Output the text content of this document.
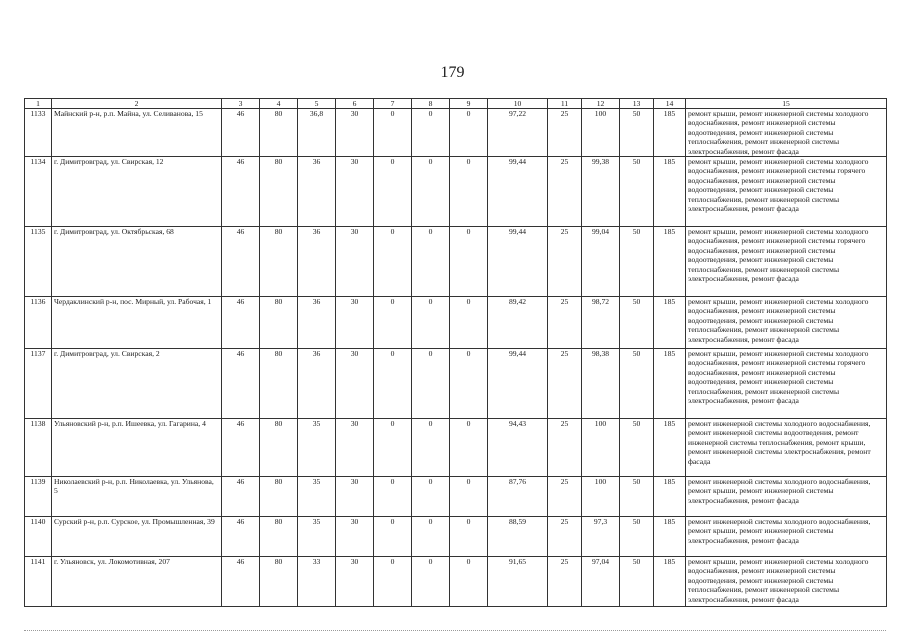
179
1	2	3	4	5	6	7	8	9	10	11	12	13	14	15
1133	Майнский р-н, р.п. Майна, ул. Селиванова, 15	46	80	36,8	30	0	0	0	97,22	25	100	50	185	ремонт крыши, ремонт инженерной системы холодного водоснабжения, ремонт инженерной системы водоотведения, ремонт инженерной системы теплоснабжения, ремонт инженерной системы электроснабжения, ремонт фасада
1134	г. Димитровград, ул. Свирская, 12	46	80	36	30	0	0	0	99,44	25	99,38	50	185	ремонт крыши, ремонт инженерной системы холодного водоснабжения, ремонт инженерной системы горячего водоснабжения, ремонт инженерной системы водоотведения, ремонт инженерной системы теплоснабжения, ремонт инженерной системы электроснабжения, ремонт фасада
1135	г. Димитровград, ул. Октябрьская, 68	46	80	36	30	0	0	0	99,44	25	99,04	50	185	ремонт крыши, ремонт инженерной системы холодного водоснабжения, ремонт инженерной системы горячего водоснабжения, ремонт инженерной системы водоотведения, ремонт инженерной системы теплоснабжения, ремонт инженерной системы электроснабжения, ремонт фасада
1136	Чердаклинский р-н, пос. Мирный, ул. Рабочая, 1	46	80	36	30	0	0	0	89,42	25	98,72	50	185	ремонт крыши, ремонт инженерной системы холодного водоснабжения, ремонт инженерной системы водоотведения, ремонт инженерной системы теплоснабжения, ремонт инженерной системы электроснабжения, ремонт фасада
1137	г. Димитровград, ул. Свирская, 2	46	80	36	30	0	0	0	99,44	25	98,38	50	185	ремонт крыши, ремонт инженерной системы холодного водоснабжения, ремонт инженерной системы горячего водоснабжения, ремонт инженерной системы водоотведения, ремонт инженерной системы теплоснабжения, ремонт инженерной системы электроснабжения, ремонт фасада
1138	Ульяновский р-н, р.п. Ишеевка, ул. Гагарина, 4	46	80	35	30	0	0	0	94,43	25	100	50	185	ремонт инженерной системы холодного водоснабжения, ремонт инженерной системы водоотведения, ремонт инженерной системы теплоснабжения, ремонт крыши, ремонт инженерной системы электроснабжения, ремонт фасада
1139	Николаевский р-н, р.п. Николаевка, ул. Ульянова, 5	46	80	35	30	0	0	0	87,76	25	100	50	185	ремонт инженерной системы холодного водоснабжения, ремонт крыши, ремонт инженерной системы электроснабжения, ремонт фасада
1140	Сурский р-н, р.п. Сурское, ул. Промышленная, 39	46	80	35	30	0	0	0	88,59	25	97,3	50	185	ремонт инженерной системы холодного водоснабжения, ремонт крыши, ремонт инженерной системы электроснабжения, ремонт фасада
1141	г. Ульяновск, ул. Локомотивная, 207	46	80	33	30	0	0	0	91,65	25	97,04	50	185	ремонт крыши, ремонт инженерной системы холодного водоснабжения, ремонт инженерной системы водоотведения, ремонт инженерной системы теплоснабжения, ремонт инженерной системы электроснабжения, ремонт фасада
